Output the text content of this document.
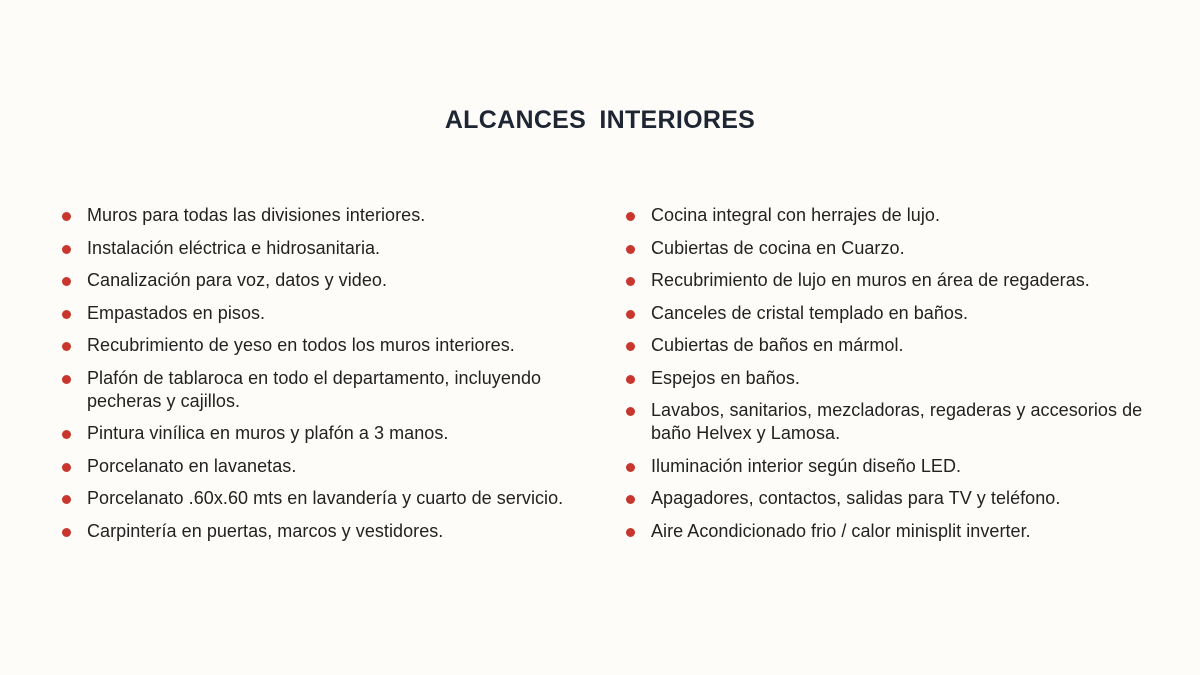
ALCANCES INTERIORES
Muros para todas las divisiones interiores.
Instalación eléctrica e hidrosanitaria.
Canalización para voz, datos y video.
Empastados en pisos.
Recubrimiento de yeso en todos los muros interiores.
Plafón de tablaroca en todo el departamento, incluyendo pecheras y cajillos.
Pintura vinílica en muros y plafón a 3 manos.
Porcelanato en lavanetas.
Porcelanato .60x.60 mts en lavandería y cuarto de servicio.
Carpintería en puertas, marcos y vestidores.
Cocina integral con herrajes de lujo.
Cubiertas de cocina en Cuarzo.
Recubrimiento de lujo en muros en área de regaderas.
Canceles de cristal templado en baños.
Cubiertas de baños en mármol.
Espejos en baños.
Lavabos, sanitarios, mezcladoras, regaderas y accesorios de baño Helvex y Lamosa.
Iluminación interior según diseño LED.
Apagadores, contactos, salidas para TV y teléfono.
Aire Acondicionado frio / calor minisplit inverter.
